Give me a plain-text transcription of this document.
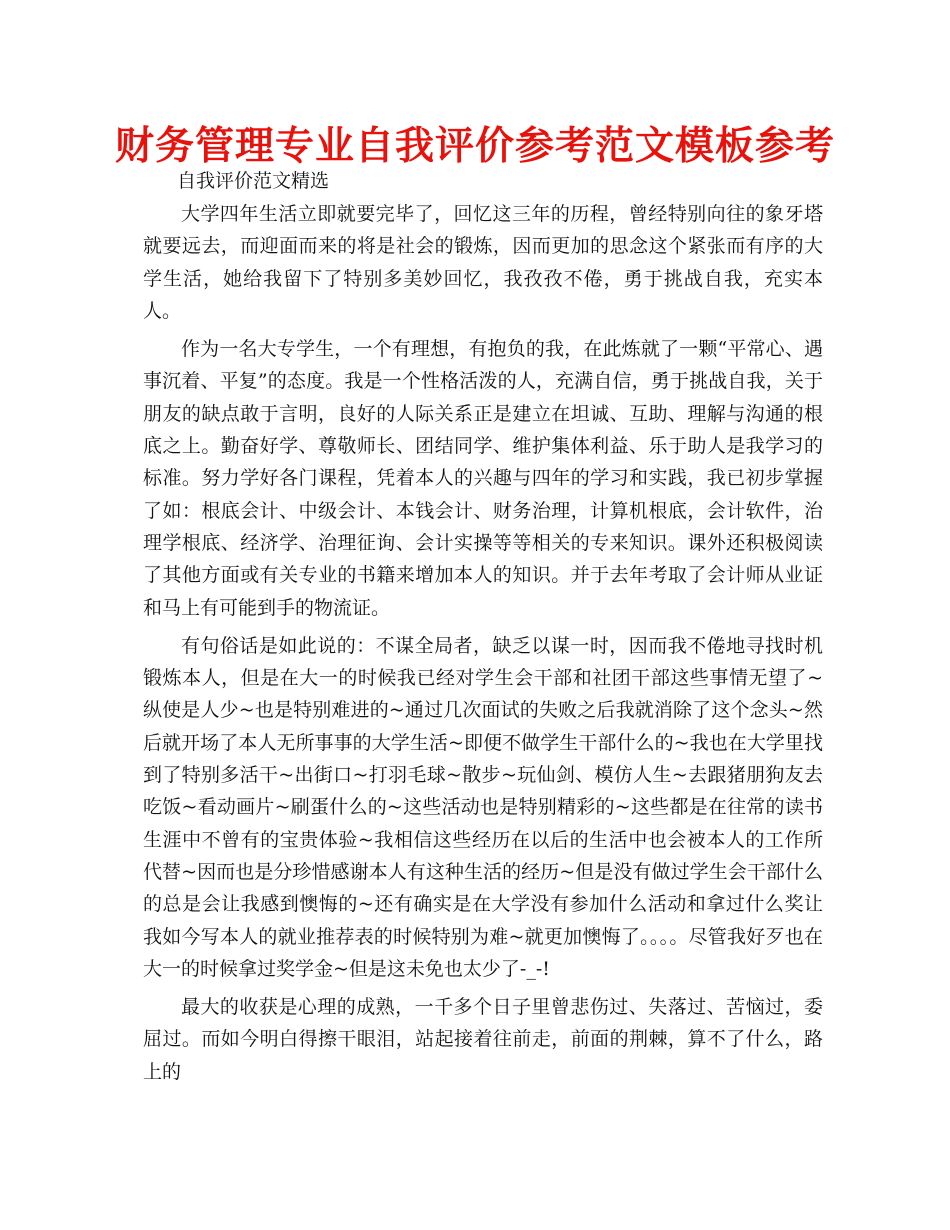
财务管理专业自我评价参考范文模板参考
自我评价范文精选

大学四年生活立即就要完毕了，回忆这三年的历程，曾经特别向往的象牙塔就要远去，而迎面而来的将是社会的锻炼，因而更加的思念这个紧张而有序的大学生活，她给我留下了特别多美妙回忆，我孜孜不倦，勇于挑战自我，充实本人。

作为一名大专学生，一个有理想，有抱负的我，在此炼就了一颗“平常心、遇事沉着、平复”的态度。我是一个性格活泼的人，充满自信，勇于挑战自我，关于朋友的缺点敢于言明，良好的人际关系正是建立在坦诚、互助、理解与沟通的根底之上。勤奋好学、尊敬师长、团结同学、维护集体利益、乐于助人是我学习的标准。努力学好各门课程，凭着本人的兴趣与四年的学习和实践，我已初步掌握了如：根底会计、中级会计、本钱会计、财务治理，计算机根底，会计软件，治理学根底、经济学、治理征询、会计实操等等相关的专来知识。课外还积极阅读了其他方面或有关专业的书籍来增加本人的知识。并于去年考取了会计师从业证和马上有可能到手的物流证。

有句俗话是如此说的：不谋全局者，缺乏以谋一时，因而我不倦地寻找时机锻炼本人，但是在大一的时候我已经对学生会干部和社团干部这些事情无望了~纵使是人少~也是特别难进的~通过几次面试的失败之后我就消除了这个念头~然后就开场了本人无所事事的大学生活~即便不做学生干部什么的~我也在大学里找到了特别多活干~出街口~打羽毛球~散步~玩仙剑、模仿人生~去跟猪朋狗友去吃饭~看动画片~刷蛋什么的~这些活动也是特别精彩的~这些都是在往常的读书生涯中不曾有的宝贵体验~我相信这些经历在以后的生活中也会被本人的工作所代替~因而也是分珍惜感谢本人有这种生活的经历~但是没有做过学生会干部什么的总是会让我感到懊悔的~还有确实是在大学没有参加什么活动和拿过什么奖让我如今写本人的就业推荐表的时候特别为难~就更加懊悔了。。。。尽管我好歹也在大一的时候拿过奖学金~但是这未免也太少了-_-!

最大的收获是心理的成熟，一千多个日子里曾悲伤过、失落过、苦恼过，委屈过。而如今明白得擦干眼泪，站起接着往前走，前面的荆棘，算不了什么，路上的
